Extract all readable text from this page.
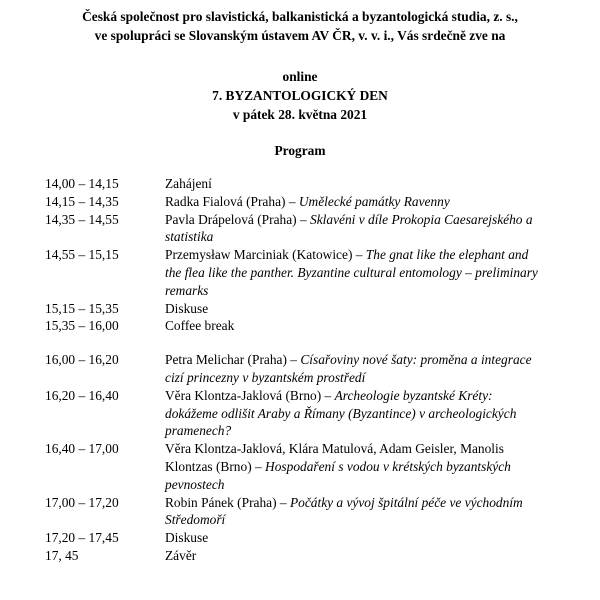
Česká společnost pro slavistická, balkanistická a byzantologická studia, z. s.,
ve spolupráci se Slovanským ústavem AV ČR, v. v. i., Vás srdečně zve na
online
7. BYZANTOLOGICKÝ DEN
v pátek 28. května 2021
Program
14,00 – 14,15	Zahájení
14,15 – 14,35	Radka Fialová (Praha) – Umělecké památky Ravenny
14,35 – 14,55	Pavla Drápelová (Praha) – Sklavéni v díle Prokopia Caesarejského a statistika
14,55 – 15,15	Przemysław Marciniak (Katowice) – The gnat like the elephant and the flea like the panther. Byzantine cultural entomology – preliminary remarks
15,15 – 15,35	Diskuse
15,35 – 16,00	Coffee break
16,00 – 16,20	Petra Melichar (Praha) – Císařoviny nové šaty: proměna a integrace cizí princezny v byzantském prostředí
16,20 – 16,40	Věra Klontza-Jaklová (Brno) – Archeologie byzantské Kréty: dokážeme odlišit Araby a Římany (Byzantince) v archeologických pramenech?
16,40 – 17,00	Věra Klontza-Jaklová, Klára Matulová, Adam Geisler, Manolis Klontzas (Brno) – Hospodaření s vodou v krétských byzantských pevnostech
17,00 – 17,20	Robin Pánek (Praha) – Počátky a vývoj špitální péče ve východním Středomoří
17,20 – 17,45	Diskuse
17, 45	Závěr
